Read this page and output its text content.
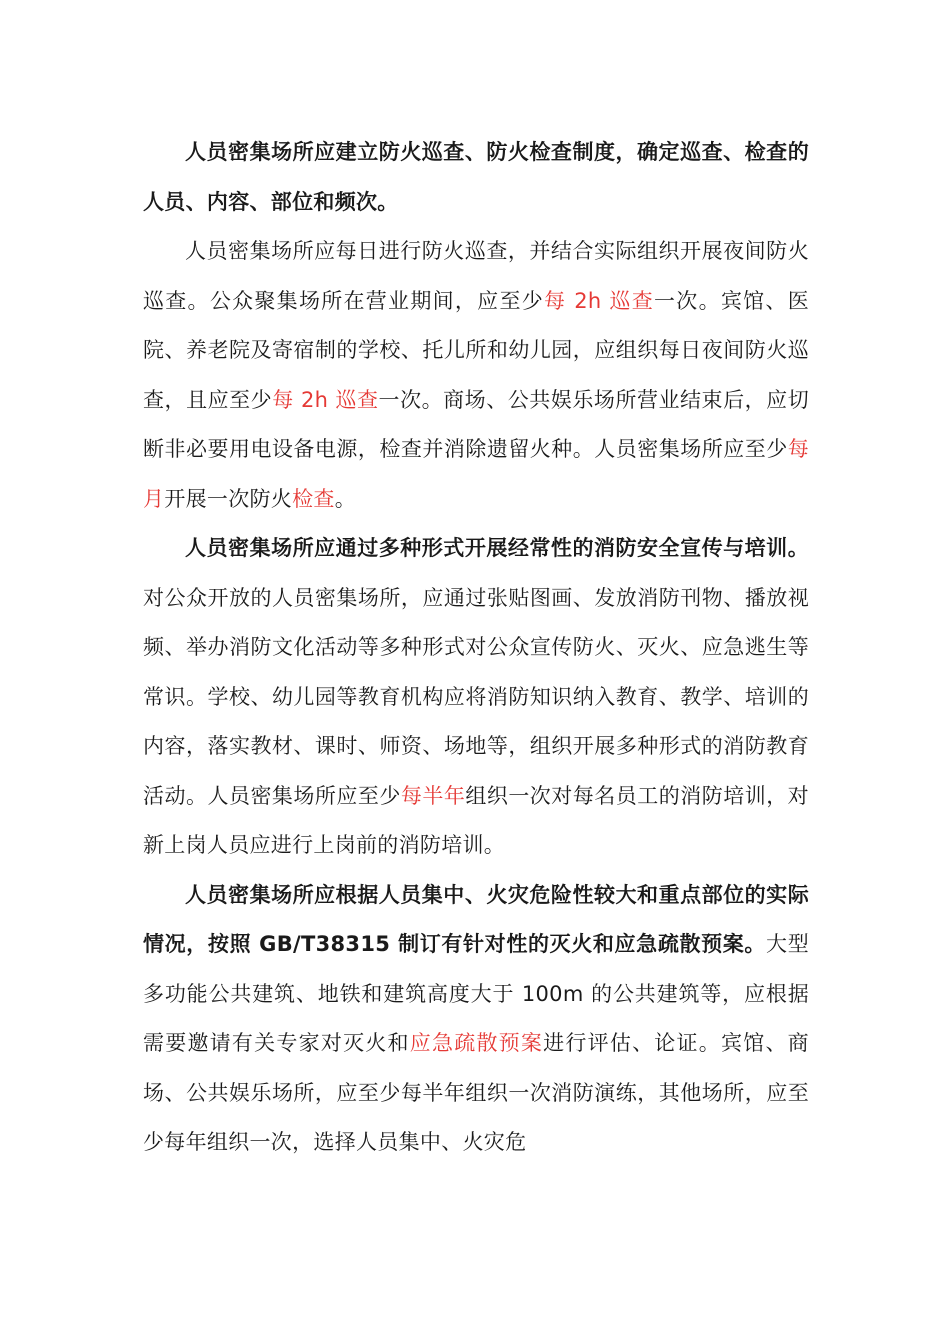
人员密集场所应建立防火巡查、防火检查制度，确定巡查、检查的人员、内容、部位和频次。

人员密集场所应每日进行防火巡查，并结合实际组织开展夜间防火巡查。公众聚集场所在营业期间，应至少每 2h 巡查一次。宾馆、医院、养老院及寄宿制的学校、托儿所和幼儿园，应组织每日夜间防火巡查，且应至少每 2h 巡查一次。商场、公共娱乐场所营业结束后，应切断非必要用电设备电源，检查并消除遗留火种。人员密集场所应至少每月开展一次防火检查。

人员密集场所应通过多种形式开展经常性的消防安全宣传与培训。对公众开放的人员密集场所，应通过张贴图画、发放消防刊物、播放视频、举办消防文化活动等多种形式对公众宣传防火、灭火、应急逃生等常识。学校、幼儿园等教育机构应将消防知识纳入教育、教学、培训的内容，落实教材、课时、师资、场地等，组织开展多种形式的消防教育活动。人员密集场所应至少每半年组织一次对每名员工的消防培训，对新上岗人员应进行上岗前的消防培训。

人员密集场所应根据人员集中、火灾危险性较大和重点部位的实际情况，按照 GB/T38315 制订有针对性的灭火和应急疏散预案。大型多功能公共建筑、地铁和建筑高度大于 100m 的公共建筑等，应根据需要邀请有关专家对灭火和应急疏散预案进行评估、论证。宾馆、商场、公共娱乐场所，应至少每半年组织一次消防演练，其他场所，应至少每年组织一次，选择人员集中、火灾危
